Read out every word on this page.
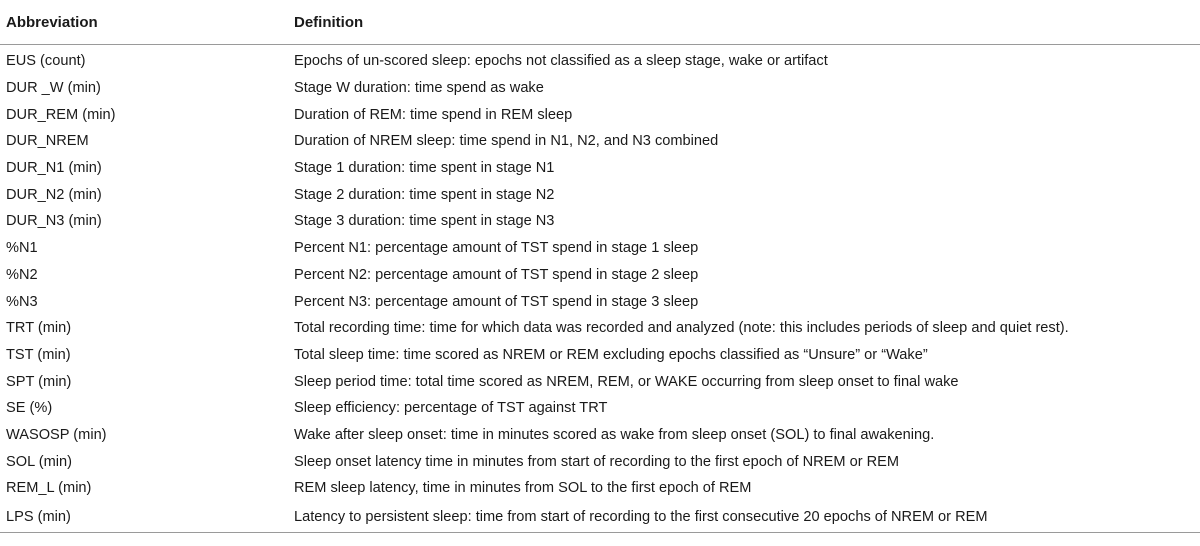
Abbreviation	Definition
EUS (count)	Epochs of un-scored sleep: epochs not classified as a sleep stage, wake or artifact
DUR _W (min)	Stage W duration: time spend as wake
DUR_REM (min)	Duration of REM: time spend in REM sleep
DUR_NREM	Duration of NREM sleep: time spend in N1, N2, and N3 combined
DUR_N1 (min)	Stage 1 duration: time spent in stage N1
DUR_N2 (min)	Stage 2 duration: time spent in stage N2
DUR_N3 (min)	Stage 3 duration: time spent in stage N3
%N1	Percent N1: percentage amount of TST spend in stage 1 sleep
%N2	Percent N2: percentage amount of TST spend in stage 2 sleep
%N3	Percent N3: percentage amount of TST spend in stage 3 sleep
TRT (min)	Total recording time: time for which data was recorded and analyzed (note: this includes periods of sleep and quiet rest).
TST (min)	Total sleep time: time scored as NREM or REM excluding epochs classified as “Unsure” or “Wake”
SPT (min)	Sleep period time: total time scored as NREM, REM, or WAKE occurring from sleep onset to final wake
SE (%)	Sleep efficiency: percentage of TST against TRT
WASOSP (min)	Wake after sleep onset: time in minutes scored as wake from sleep onset (SOL) to final awakening.
SOL (min)	Sleep onset latency time in minutes from start of recording to the first epoch of NREM or REM
REM_L (min)	REM sleep latency, time in minutes from SOL to the first epoch of REM
LPS (min)	Latency to persistent sleep: time from start of recording to the first consecutive 20 epochs of NREM or REM
